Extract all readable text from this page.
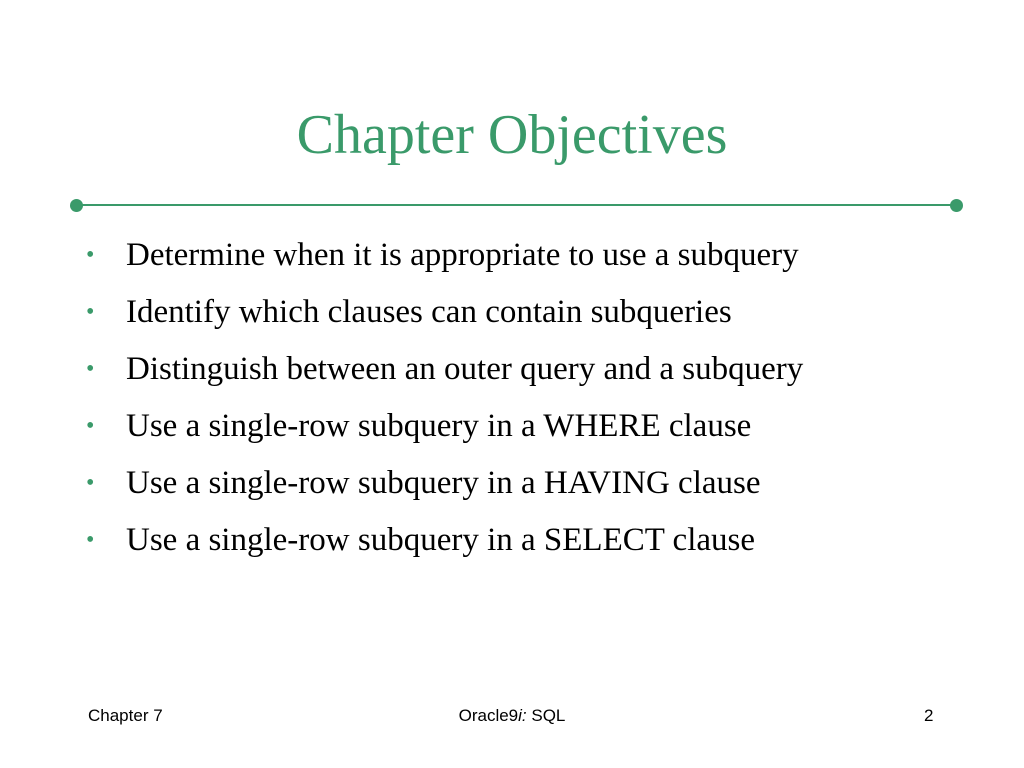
Chapter Objectives
• Determine when it is appropriate to use a subquery
• Identify which clauses can contain subqueries
• Distinguish between an outer query and a subquery
• Use a single-row subquery in a WHERE clause
• Use a single-row subquery in a HAVING clause
• Use a single-row subquery in a SELECT clause
Chapter 7	Oracle9i: SQL	2
